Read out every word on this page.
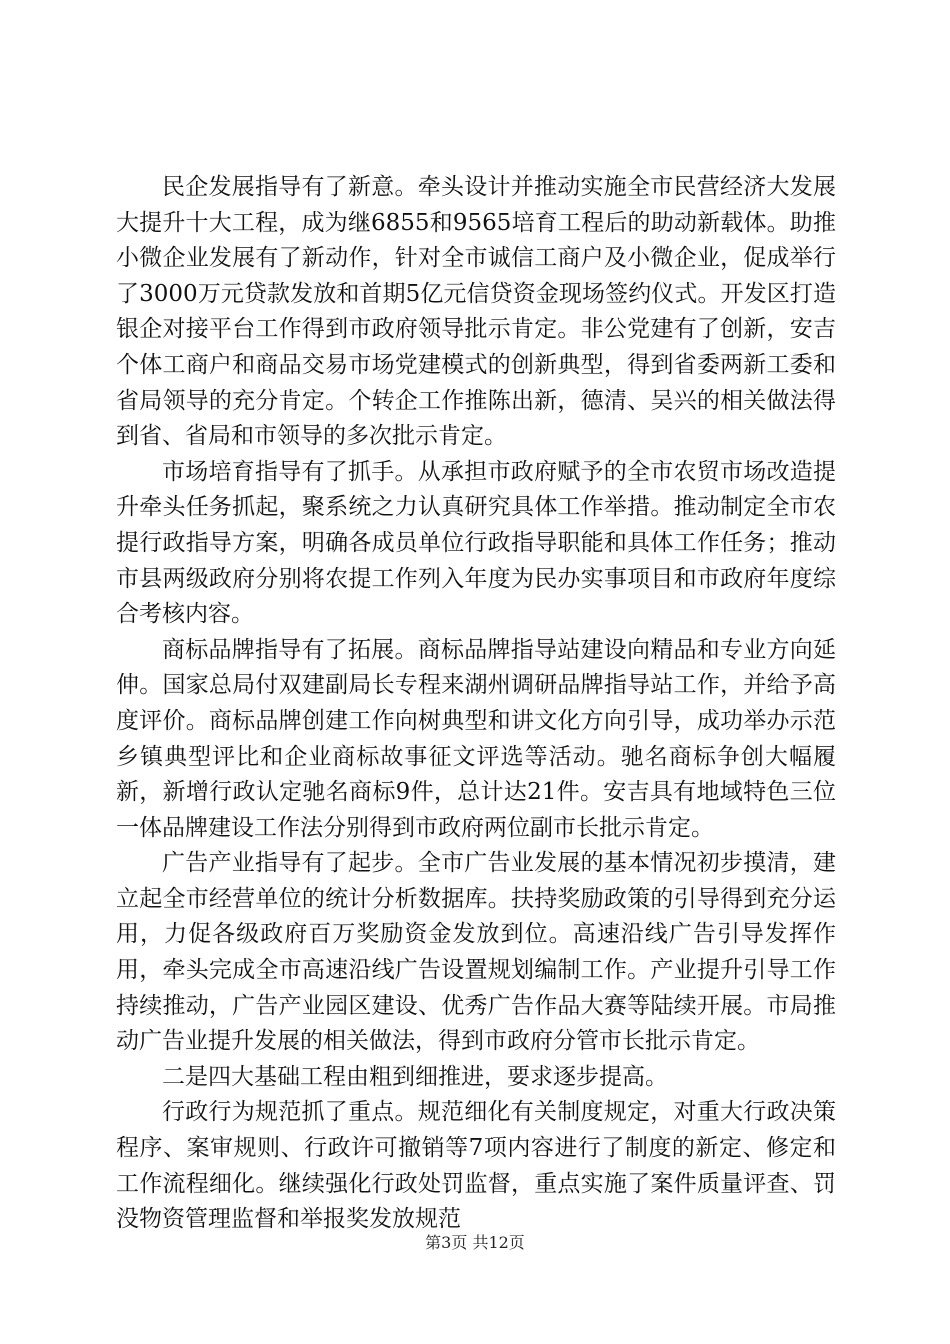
民企发展指导有了新意。牵头设计并推动实施全市民营经济大发展大提升十大工程，成为继6855和9565培育工程后的助动新载体。助推小微企业发展有了新动作，针对全市诚信工商户及小微企业，促成举行了3000万元贷款发放和首期5亿元信贷资金现场签约仪式。开发区打造银企对接平台工作得到市政府领导批示肯定。非公党建有了创新，安吉个体工商户和商品交易市场党建模式的创新典型，得到省委两新工委和省局领导的充分肯定。个转企工作推陈出新，德清、吴兴的相关做法得到省、省局和市领导的多次批示肯定。

市场培育指导有了抓手。从承担市政府赋予的全市农贸市场改造提升牵头任务抓起，聚系统之力认真研究具体工作举措。推动制定全市农提行政指导方案，明确各成员单位行政指导职能和具体工作任务；推动市县两级政府分别将农提工作列入年度为民办实事项目和市政府年度综合考核内容。

商标品牌指导有了拓展。商标品牌指导站建设向精品和专业方向延伸。国家总局付双建副局长专程来湖州调研品牌指导站工作，并给予高度评价。商标品牌创建工作向树典型和讲文化方向引导，成功举办示范乡镇典型评比和企业商标故事征文评选等活动。驰名商标争创大幅履新，新增行政认定驰名商标9件，总计达21件。安吉具有地域特色三位一体品牌建设工作法分别得到市政府两位副市长批示肯定。

广告产业指导有了起步。全市广告业发展的基本情况初步摸清，建立起全市经营单位的统计分析数据库。扶持奖励政策的引导得到充分运用，力促各级政府百万奖励资金发放到位。高速沿线广告引导发挥作用，牵头完成全市高速沿线广告设置规划编制工作。产业提升引导工作持续推动，广告产业园区建设、优秀广告作品大赛等陆续开展。市局推动广告业提升发展的相关做法，得到市政府分管市长批示肯定。

二是四大基础工程由粗到细推进，要求逐步提高。

行政行为规范抓了重点。规范细化有关制度规定，对重大行政决策程序、案审规则、行政许可撤销等7项内容进行了制度的新定、修定和工作流程细化。继续强化行政处罚监督，重点实施了案件质量评查、罚没物资管理监督和举报奖发放规范

第3页 共12页
